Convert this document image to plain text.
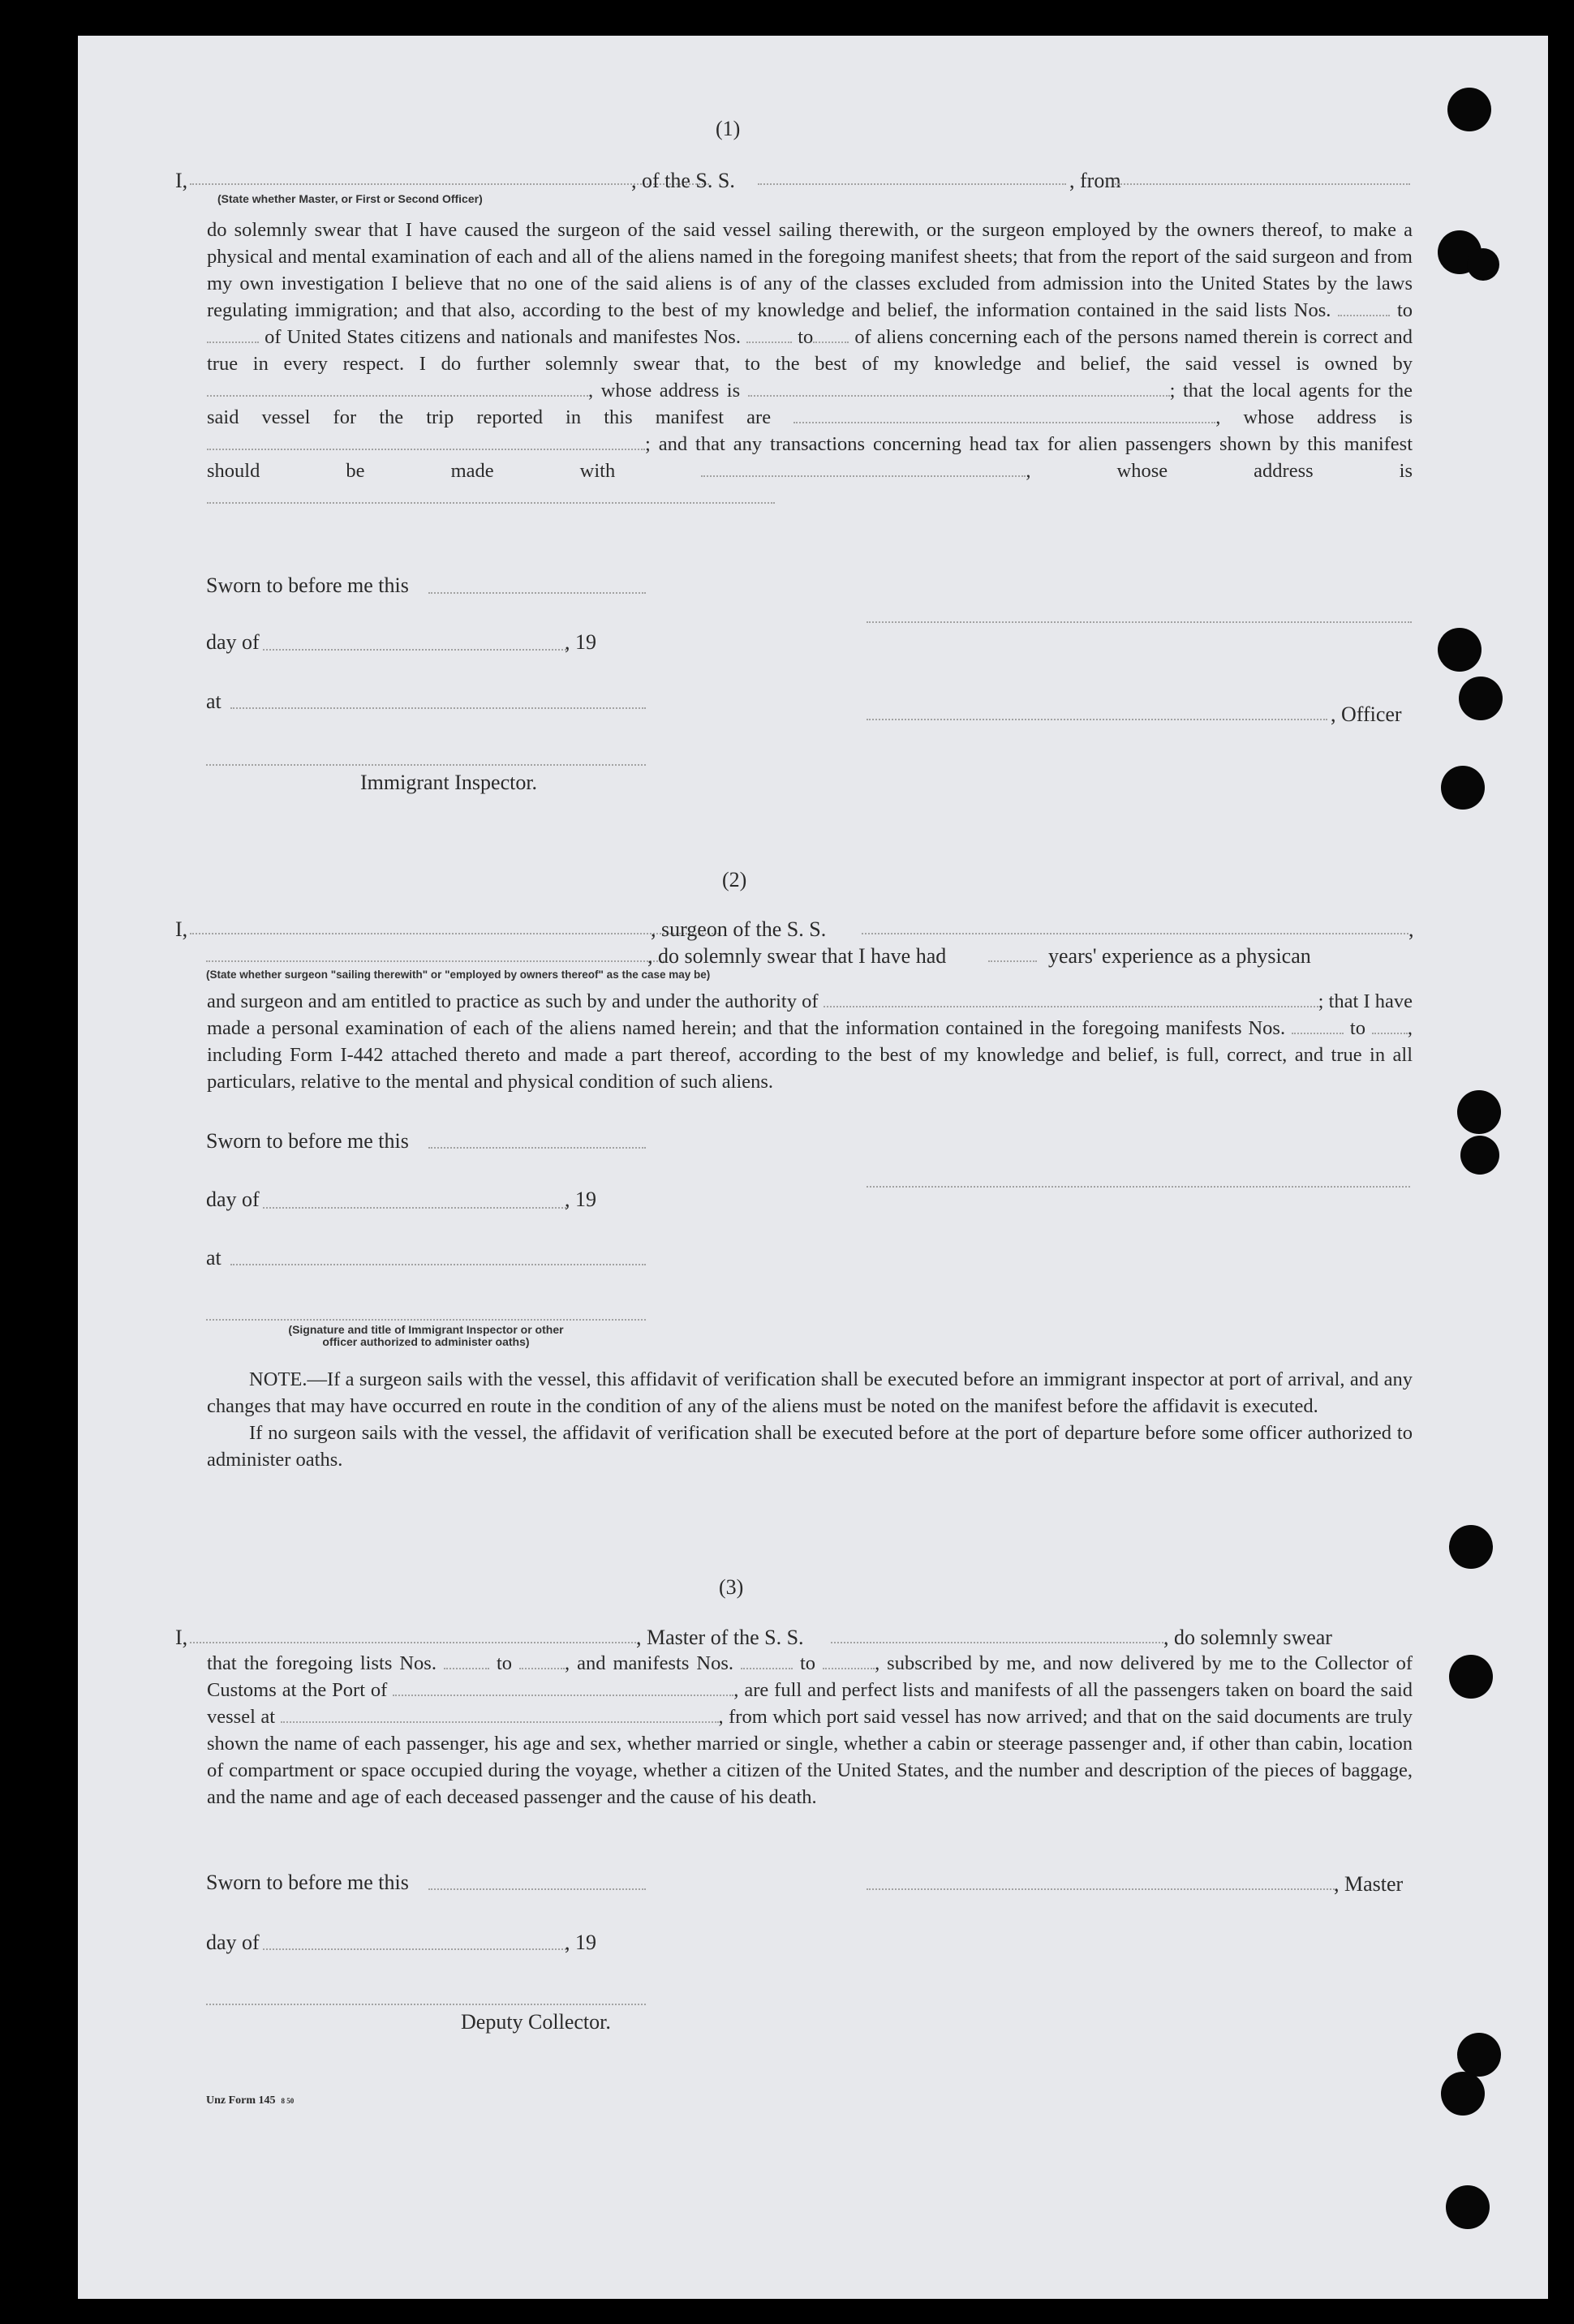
(1)
I,	, of the S. S.	, from
(State whether Master, or First or Second Officer)

do solemnly swear that I have caused the surgeon of the said vessel sailing therewith, or the surgeon employed by the owners thereof, to make a physical and mental examination of each and all of the aliens named in the foregoing manifest sheets; that from the report of the said surgeon and from my own investigation I believe that no one of the said aliens is of any of the classes excluded from admission into the United States by the laws regulating immigration; and that also, according to the best of my knowledge and belief, the information contained in the said lists Nos.	to  of United States citizens and nationals and manifestes Nos.	to of aliens concerning each of the persons named therein is correct and true in every respect. I do further solemnly swear that, to the best of my knowledge and belief, the said vessel is owned by , whose address is	; that the local agents for the said vessel for the trip reported in this manifest are	, whose address is ; and that any transactions concerning head tax for alien passengers shown by this manifest should be made with	,	whose address is

Sworn to before me this
day of	, 19
at
, Officer
Immigrant Inspector.
(2)
I,	, surgeon of the S. S.	,
, do solemnly swear that I have had	years' experience as a physican
(State whether surgeon "sailing therewith" or "employed by owners thereof" as the case may be)

and surgeon and am entitled to practice as such by and under the authority of	; that I have made a personal examination of each of the aliens named herein; and that the information contained in the foregoing manifests Nos.	to , including Form I-442 attached thereto and made a part thereof, according to the best of my knowledge and belief, is full, correct, and true in all particulars, relative to the mental and physical condition of such aliens.

Sworn to before me this
day of	, 19
at
(Signature and title of Immigrant Inspector or other
officer authorized to administer oaths)

NOTE.—If a surgeon sails with the vessel, this affidavit of verification shall be executed before an immigrant inspector at port of arrival, and any changes that may have occurred en route in the condition of any of the aliens must be noted on the manifest before the affidavit is executed.

If no surgeon sails with the vessel, the affidavit of verification shall be executed before at the port of departure before some officer authorized to administer oaths.

(3)
I,	, Master of the S. S.	, do solemnly swear

that the foregoing lists Nos.	to	, and manifests Nos.	to	, subscribed by me, and now delivered by me to the Collector of Customs at the Port of	, are full and perfect lists and manifests of all the passengers taken on board the said vessel at	, from which port said vessel has now arrived; and that on the said documents are truly shown the name of each passenger, his age and sex, whether married or single, whether a cabin or steerage passenger and, if other than cabin, location of compartment or space occupied during the voyage, whether a citizen of the United States, and the number and description of the pieces of baggage, and the name and age of each deceased passenger and the cause of his death.

Sworn to before me this	, Master
day of	, 19
Deputy Collector.
Unz Form 145 8 50
